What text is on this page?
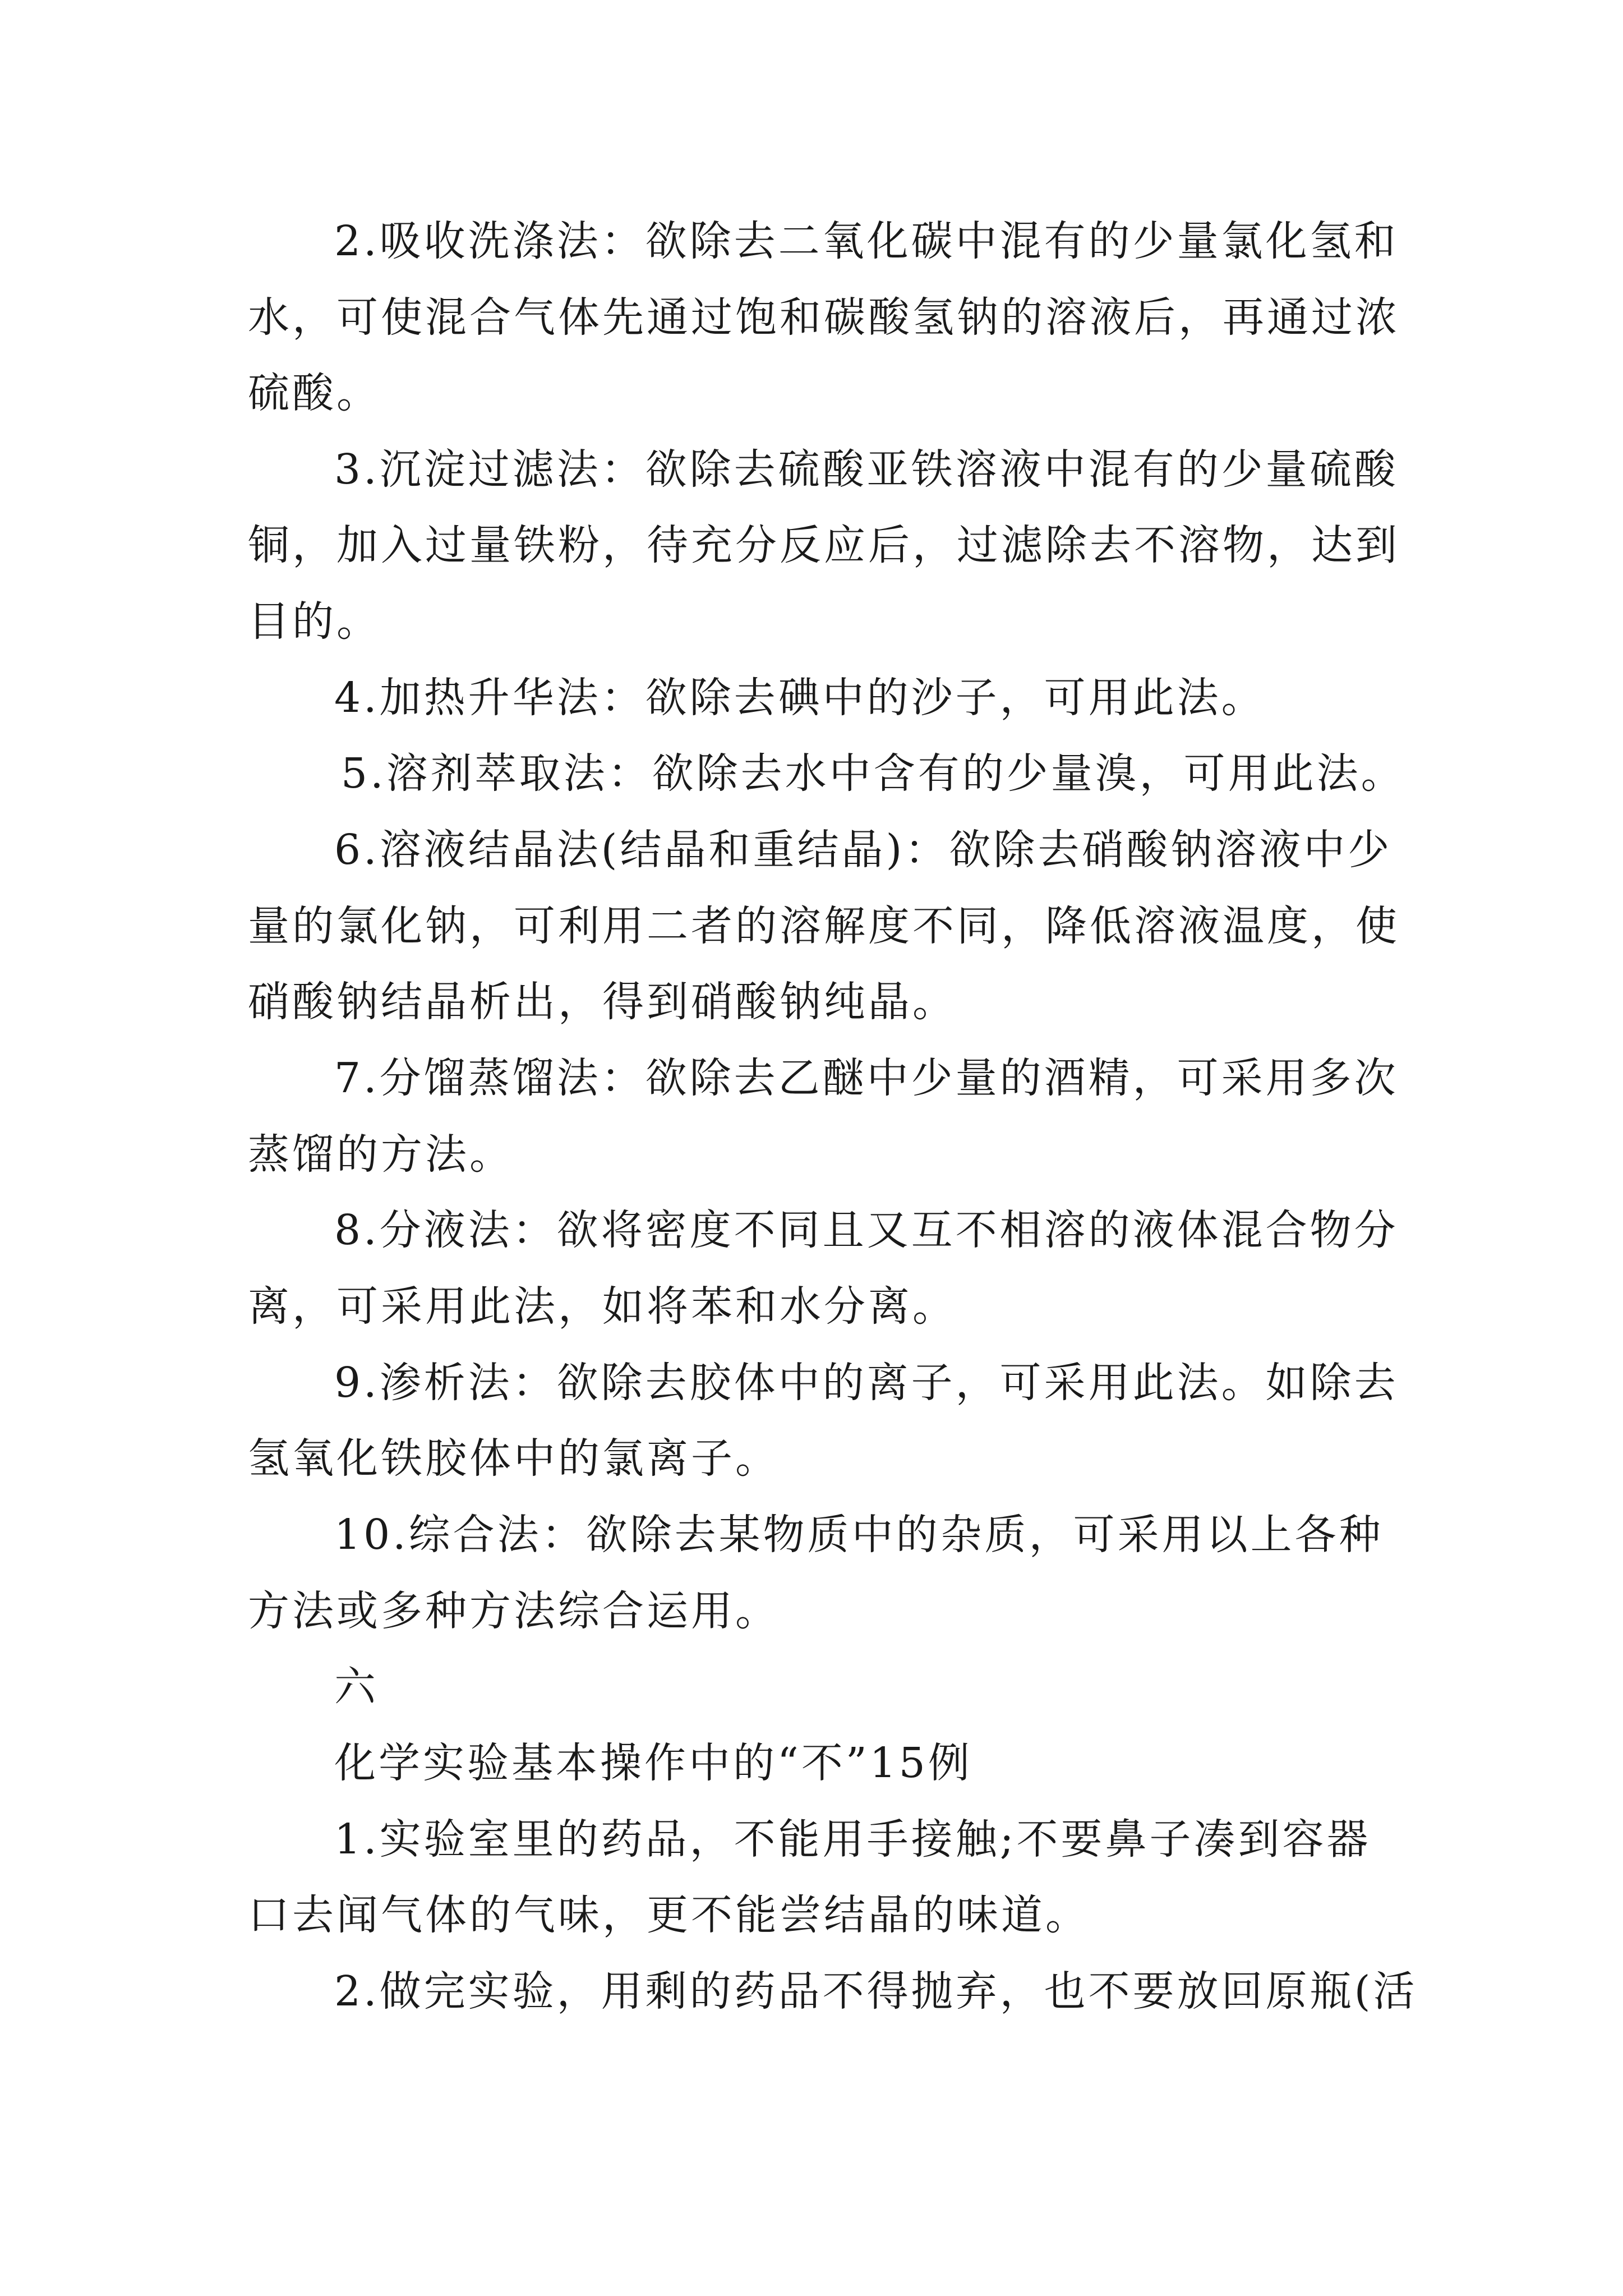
2.吸收洗涤法：欲除去二氧化碳中混有的少量氯化氢和
水，可使混合气体先通过饱和碳酸氢钠的溶液后，再通过浓
硫酸。
3.沉淀过滤法：欲除去硫酸亚铁溶液中混有的少量硫酸
铜，加入过量铁粉，待充分反应后，过滤除去不溶物，达到
目的。
4.加热升华法：欲除去碘中的沙子，可用此法。
5.溶剂萃取法：欲除去水中含有的少量溴，可用此法。
6.溶液结晶法(结晶和重结晶)：欲除去硝酸钠溶液中少
量的氯化钠，可利用二者的溶解度不同，降低溶液温度，使
硝酸钠结晶析出，得到硝酸钠纯晶。
7.分馏蒸馏法：欲除去乙醚中少量的酒精，可采用多次
蒸馏的方法。
8.分液法：欲将密度不同且又互不相溶的液体混合物分
离，可采用此法，如将苯和水分离。
9.渗析法：欲除去胶体中的离子，可采用此法。如除去
氢氧化铁胶体中的氯离子。
10.综合法：欲除去某物质中的杂质，可采用以上各种
方法或多种方法综合运用。
六
化学实验基本操作中的“不”15例
1.实验室里的药品，不能用手接触;不要鼻子凑到容器
口去闻气体的气味，更不能尝结晶的味道。
2.做完实验，用剩的药品不得抛弃，也不要放回原瓶(活
